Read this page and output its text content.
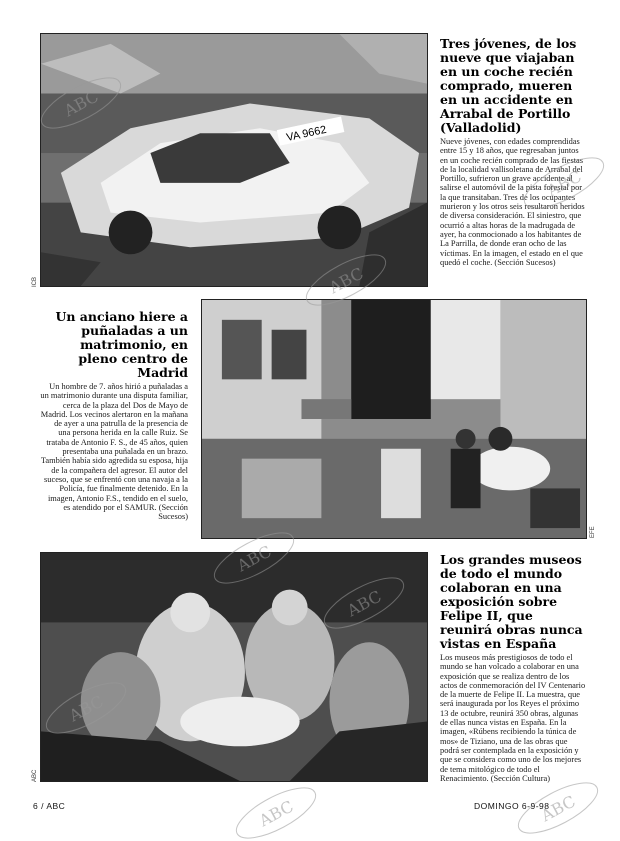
VA 9662
ICB
Tres jóvenes, de los nueve que viajaban en un coche recién comprado, mueren en un accidente en Arrabal de Portillo (Valladolid)
Nueve jóvenes, con edades comprendidas entre 15 y 18 años, que regresaban juntos en un coche recién comprado de las fiestas de la localidad vallisoletana de Arrabal del Portillo, sufrieron un grave accidente al salirse el automóvil de la pista forestal por la que transitaban. Tres de los ocupantes murieron y los otros seis resultaron heridos de diversa consideración. El siniestro, que ocurrió a altas horas de la madrugada de ayer, ha conmocionado a los habitantes de La Parrilla, de donde eran ocho de las víctimas. En la imagen, el estado en el que quedó el coche. (Sección Sucesos)
Un anciano hiere a puñaladas a un matrimonio, en pleno centro de Madrid
Un hombre de 7. años hirió a puñaladas a un matrimonio durante una disputa familiar, cerca de la plaza del Dos de Mayo de Madrid. Los vecinos alertaron en la mañana de ayer a una patrulla de la presencia de una persona herida en la calle Ruiz. Se trataba de Antonio F. S., de 45 años, quien presentaba una puñalada en un brazo. También había sido agredida su esposa, hija de la compañera del agresor. El autor del suceso, que se enfrentó con una navaja a la Policía, fue finalmente detenido. En la imagen, Antonio F.S., tendido en el suelo, es atendido por el SAMUR. (Sección Sucesos)
EFE
ABC
Los grandes museos de todo el mundo colaboran en una exposición sobre Felipe II, que reunirá obras nunca vistas en España
Los museos más prestigiosos de todo el mundo se han volcado a colaborar en una exposición que se realiza dentro de los actos de conmemoración del IV Centenario de la muerte de Felipe II. La muestra, que será inaugurada por los Reyes el próximo 13 de octubre, reunirá 350 obras, algunas de ellas nunca vistas en España. En la imagen, «Rúbens recibiendo la túnica de mos» de Tiziano, una de las obras que podrá ser contemplada en la exposición y que se considera como uno de los mejores de tema mitológico de todo el Renacimiento. (Sección Cultura)
6 / ABC	DOMINGO 6-9-98
ABC
ABC
ABC
ABC
ABC
ABC
ABC	ABC
